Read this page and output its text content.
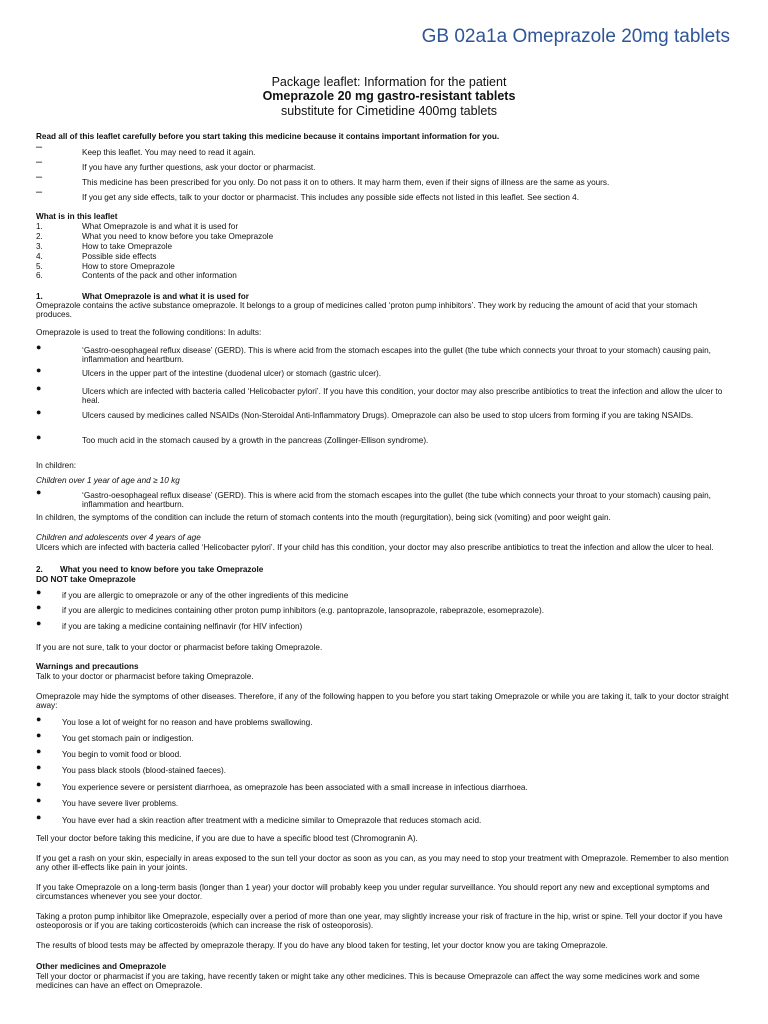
GB 02a1a Omeprazole 20mg tablets
Package leaflet: Information for the patient
Omeprazole 20 mg gastro-resistant tablets
substitute for Cimetidine 400mg tablets
Read all of this leaflet carefully before you start taking this medicine because it contains important information for you.
–	Keep this leaflet. You may need to read it again.
–	If you have any further questions, ask your doctor or pharmacist.
–	This medicine has been prescribed for you only. Do not pass it on to others. It may harm them, even if their signs of illness are the same as yours.
–	If you get any side effects, talk to your doctor or pharmacist. This includes any possible side effects not listed in this leaflet. See section 4.
What is in this leaflet
1.	What Omeprazole is and what it is used for
2.	What you need to know before you take Omeprazole
3.	How to take Omeprazole
4.	Possible side effects
5.	How to store Omeprazole
6.	Contents of the pack and other information
1.	What Omeprazole is and what it is used for
Omeprazole contains the active substance omeprazole. It belongs to a group of medicines called ‘proton pump inhibitors’. They work by reducing the amount of acid that your stomach produces.
Omeprazole is used to treat the following conditions: In adults:
●	‘Gastro-oesophageal reflux disease’ (GERD). This is where acid from the stomach escapes into the gullet (the tube which connects your throat to your stomach) causing pain, inflammation and heartburn.
●	Ulcers in the upper part of the intestine (duodenal ulcer) or stomach (gastric ulcer).
●	Ulcers which are infected with bacteria called ‘Helicobacter pylori’. If you have this condition, your doctor may also prescribe antibiotics to treat the infection and allow the ulcer to heal.
●	Ulcers caused by medicines called NSAIDs (Non-Steroidal Anti-Inflammatory Drugs). Omeprazole can also be used to stop ulcers from forming if you are taking NSAIDs.
●	Too much acid in the stomach caused by a growth in the pancreas (Zollinger-Ellison syndrome).
In children:
Children over 1 year of age and ≥ 10 kg
●	‘Gastro-oesophageal reflux disease’ (GERD). This is where acid from the stomach escapes into the gullet (the tube which connects your throat to your stomach) causing pain, inflammation and heartburn.
In children, the symptoms of the condition can include the return of stomach contents into the mouth (regurgitation), being sick (vomiting) and poor weight gain.
Children and adolescents over 4 years of age
Ulcers which are infected with bacteria called ‘Helicobacter pylori’. If your child has this condition, your doctor may also prescribe antibiotics to treat the infection and allow the ulcer to heal.
2. What you need to know before you take Omeprazole
DO NOT take Omeprazole
●	if you are allergic to omeprazole or any of the other ingredients of this medicine
●	if you are allergic to medicines containing other proton pump inhibitors (e.g. pantoprazole, lansoprazole, rabeprazole, esomeprazole).
●	if you are taking a medicine containing nelfinavir (for HIV infection)
If you are not sure, talk to your doctor or pharmacist before taking Omeprazole.
Warnings and precautions
Talk to your doctor or pharmacist before taking Omeprazole.
Omeprazole may hide the symptoms of other diseases. Therefore, if any of the following happen to you before you start taking Omeprazole or while you are taking it, talk to your doctor straight away:
●	You lose a lot of weight for no reason and have problems swallowing.
●	You get stomach pain or indigestion.
●	You begin to vomit food or blood.
●	You pass black stools (blood-stained faeces).
●	You experience severe or persistent diarrhoea, as omeprazole has been associated with a small increase in infectious diarrhoea.
●	You have severe liver problems.
●	You have ever had a skin reaction after treatment with a medicine similar to Omeprazole that reduces stomach acid.
Tell your doctor before taking this medicine, if you are due to have a specific blood test (Chromogranin A).
If you get a rash on your skin, especially in areas exposed to the sun tell your doctor as soon as you can, as you may need to stop your treatment with Omeprazole. Remember to also mention any other ill-effects like pain in your joints.
If you take Omeprazole on a long-term basis (longer than 1 year) your doctor will probably keep you under regular surveillance. You should report any new and exceptional symptoms and circumstances whenever you see your doctor.
Taking a proton pump inhibitor like Omeprazole, especially over a period of more than one year, may slightly increase your risk of fracture in the hip, wrist or spine. Tell your doctor if you have osteoporosis or if you are taking corticosteroids (which can increase the risk of osteoporosis).
The results of blood tests may be affected by omeprazole therapy. If you do have any blood taken for testing, let your doctor know you are taking Omeprazole.
Other medicines and Omeprazole
Tell your doctor or pharmacist if you are taking, have recently taken or might take any other medicines. This is because Omeprazole can affect the way some medicines work and some medicines can have an effect on Omeprazole.
